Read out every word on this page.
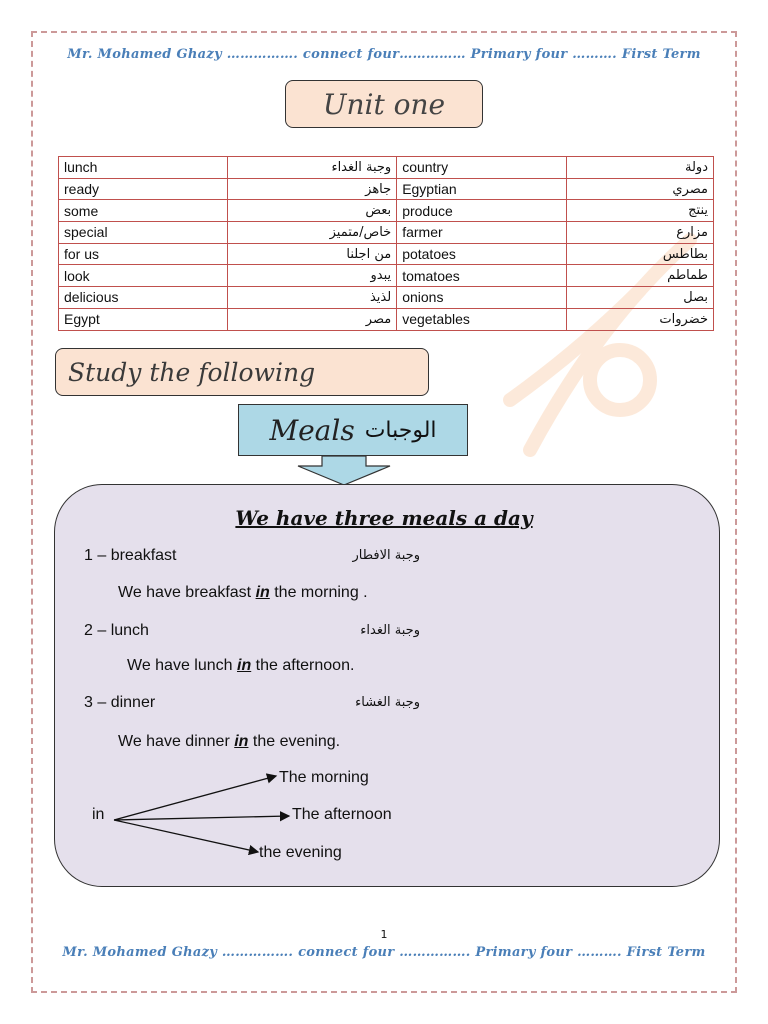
Mr. Mohamed Ghazy ……………. connect four…………… Primary four ………. First Term
Unit one
lunch	وجبة الغداء	country	دولة
ready	جاهز	Egyptian	مصري
some	بعض	produce	ينتج
special	خاص/متميز	farmer	مزارع
for us	من اجلنا	potatoes	بطاطس
look	يبدو	tomatoes	طماطم
delicious	لذيذ	onions	بصل
Egypt	مصر	vegetables	خضروات
Study the following
Meals الوجبات
We have three meals a day
1 – breakfast	وجبة الافطار
We have breakfast in the morning .
2 – lunch	وجبة الغداء
We have lunch in the afternoon.
3 – dinner	وجبة الغشاء
We have dinner in the evening.
in
The morning
The afternoon
the evening
1
Mr. Mohamed Ghazy ……………. connect four ……………. Primary four ………. First Term
